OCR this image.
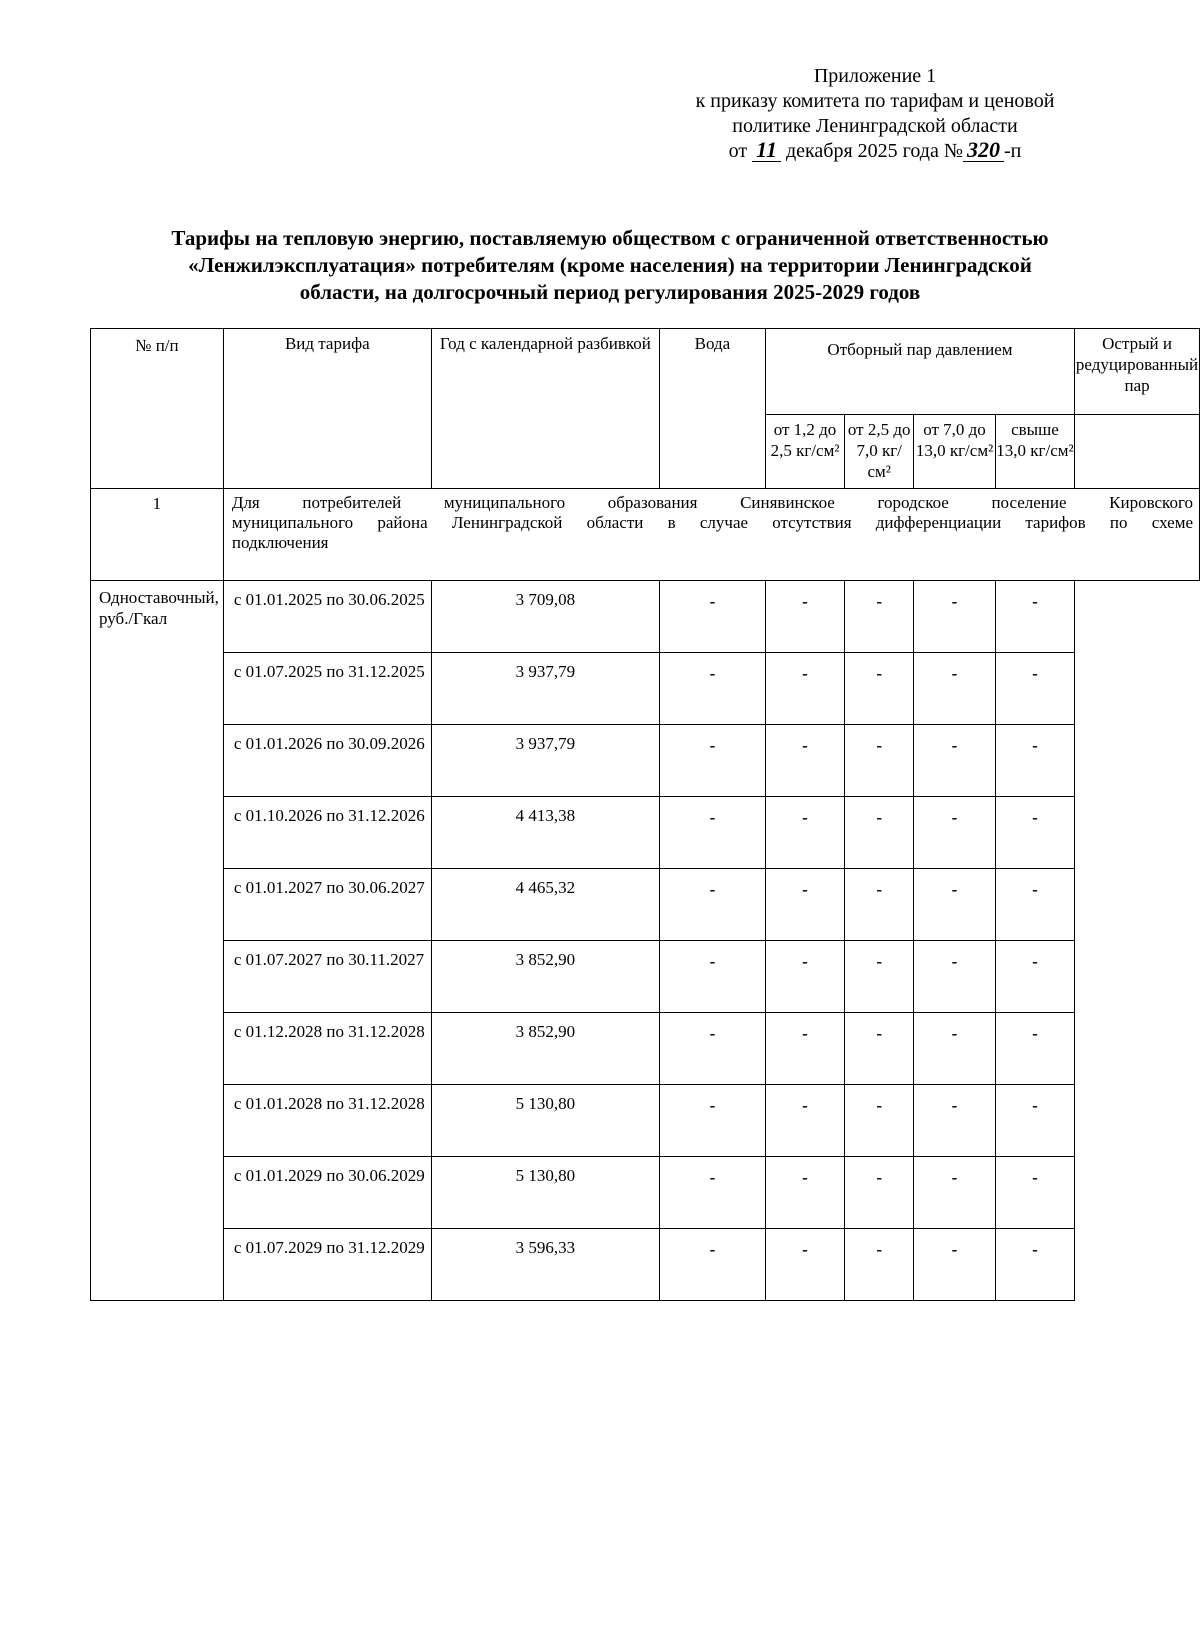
Приложение 1
к приказу комитета по тарифам и ценовой
политике Ленинградской области
от 11 декабря 2025 года № 320 -п
Тарифы на тепловую энергию, поставляемую обществом с ограниченной ответственностью
«Ленжилэксплуатация» потребителям (кроме населения) на территории Ленинградской
области, на долгосрочный период регулирования 2025-2029 годов
№ п/п	Вид тарифа	Год с календарной разбивкой	Вода	Отборный пар давлением				Острый и редуцированный пар
				от 1,2 до 2,5 кг/см²	от 2,5 до 7,0 кг/см²	от 7,0 до 13,0 кг/см²	свыше 13,0 кг/см²	
1	Для потребителей муниципального образования Синявинское городское поселение Кировского
муниципального района Ленинградской области в случае отсутствия дифференциации тарифов по схеме
подключения							

Одноставочный, руб./Гкал	с 01.01.2025 по 30.06.2025	3 709,08	-	-	-	-	-	
	с 01.07.2025 по 31.12.2025	3 937,79	-	-	-	-	-	
	с 01.01.2026 по 30.09.2026	3 937,79	-	-	-	-	-	
	с 01.10.2026 по 31.12.2026	4 413,38	-	-	-	-	-	
	с 01.01.2027 по 30.06.2027	4 465,32	-	-	-	-	-	
	с 01.07.2027 по 30.11.2027	3 852,90	-	-	-	-	-	
	с 01.12.2028 по 31.12.2028	3 852,90	-	-	-	-	-	
	с 01.01.2028 по 31.12.2028	5 130,80	-	-	-	-	-	
	с 01.01.2029 по 30.06.2029	5 130,80	-	-	-	-	-	
	с 01.07.2029 по 31.12.2029	3 596,33	-	-	-	-	-	
